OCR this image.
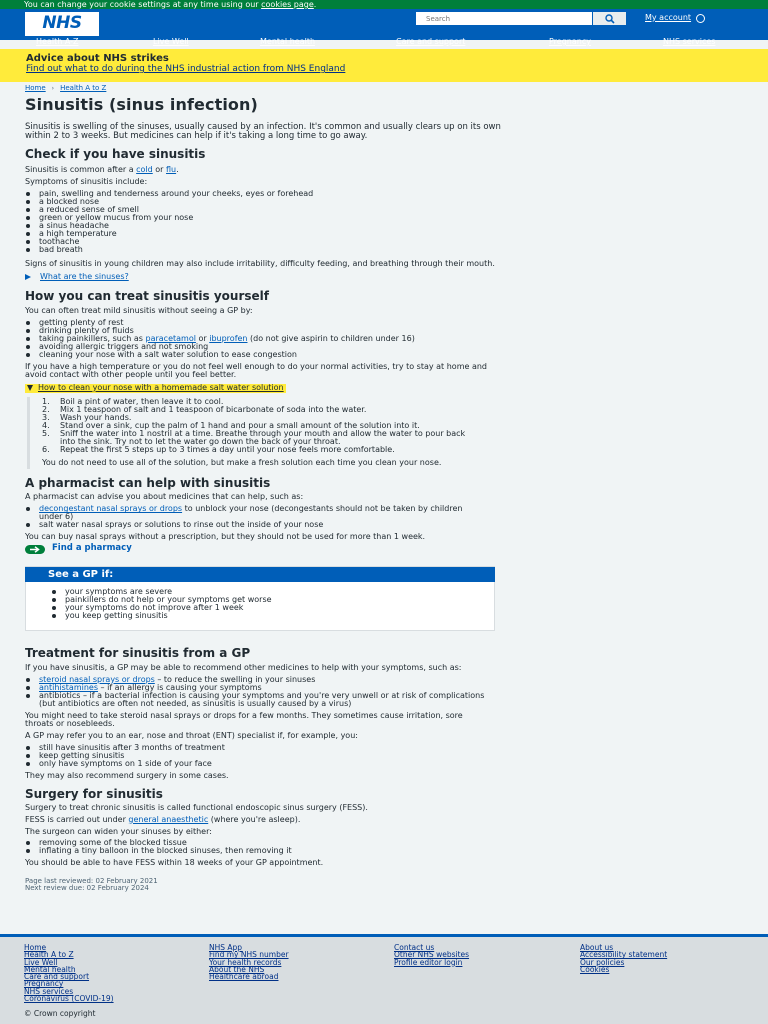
You can change your cookie settings at any time using our cookies page.
NHS
Search	My account
Health A-Z	Live Well	Mental health	Care and support	Pregnancy	NHS services
Advice about NHS strikes
Find out what to do during the NHS industrial action from NHS England
Home › Health A to Z
Sinusitis (sinus infection)

Sinusitis is swelling of the sinuses, usually caused by an infection. It's common and usually clears up on its own within 2 to 3 weeks. But medicines can help if it's taking a long time to go away.

Check if you have sinusitis

Sinusitis is common after a cold or flu.

Symptoms of sinusitis include:

pain, swelling and tenderness around your cheeks, eyes or forehead
a blocked nose
a reduced sense of smell
green or yellow mucus from your nose
a sinus headache
a high temperature
toothache
bad breath

Signs of sinusitis in young children may also include irritability, difficulty feeding, and breathing through their mouth.

What are the sinuses?
How you can treat sinusitis yourself

You can often treat mild sinusitis without seeing a GP by:

getting plenty of rest
drinking plenty of fluids
taking painkillers, such as paracetamol or ibuprofen (do not give aspirin to children under 16)
avoiding allergic triggers and not smoking
cleaning your nose with a salt water solution to ease congestion

If you have a high temperature or you do not feel well enough to do your normal activities, try to stay at home and avoid contact with other people until you feel better.

How to clean your nose with a homemade salt water solution
1. Boil a pint of water, then leave it to cool.
2. Mix 1 teaspoon of salt and 1 teaspoon of bicarbonate of soda into the water.
3. Wash your hands.
4. Stand over a sink, cup the palm of 1 hand and pour a small amount of the solution into it.
5. Sniff the water into 1 nostril at a time. Breathe through your mouth and allow the water to pour back into the sink. Try not to let the water go down the back of your throat.
6. Repeat the first 5 steps up to 3 times a day until your nose feels more comfortable.

You do not need to use all of the solution, but make a fresh solution each time you clean your nose.

A pharmacist can help with sinusitis

A pharmacist can advise you about medicines that can help, such as:

decongestant nasal sprays or drops to unblock your nose (decongestants should not be taken by children under 6)
salt water nasal sprays or solutions to rinse out the inside of your nose

You can buy nasal sprays without a prescription, but they should not be used for more than 1 week.

Find a pharmacy
See a GP if:
your symptoms are severe
painkillers do not help or your symptoms get worse
your symptoms do not improve after 1 week
you keep getting sinusitis
Treatment for sinusitis from a GP

If you have sinusitis, a GP may be able to recommend other medicines to help with your symptoms, such as:

steroid nasal sprays or drops – to reduce the swelling in your sinuses
antihistamines – if an allergy is causing your symptoms
antibiotics – if a bacterial infection is causing your symptoms and you're very unwell or at risk of complications (but antibiotics are often not needed, as sinusitis is usually caused by a virus)

You might need to take steroid nasal sprays or drops for a few months. They sometimes cause irritation, sore throats or nosebleeds.

A GP may refer you to an ear, nose and throat (ENT) specialist if, for example, you:

still have sinusitis after 3 months of treatment
keep getting sinusitis
only have symptoms on 1 side of your face

They may also recommend surgery in some cases.

Surgery for sinusitis

Surgery to treat chronic sinusitis is called functional endoscopic sinus surgery (FESS).

FESS is carried out under general anaesthetic (where you're asleep).

The surgeon can widen your sinuses by either:

removing some of the blocked tissue
inflating a tiny balloon in the blocked sinuses, then removing it

You should be able to have FESS within 18 weeks of your GP appointment.

Page last reviewed: 02 February 2021

Next review due: 02 February 2024

Home
Health A to Z
Live Well
Mental health
Care and support
Pregnancy
NHS services
Coronavirus (COVID-19)
NHS App
Find my NHS number
Your health records
About the NHS
Healthcare abroad
Contact us
Other NHS websites
Profile editor login
About us
Accessibility statement
Our policies
Cookies
© Crown copyright
